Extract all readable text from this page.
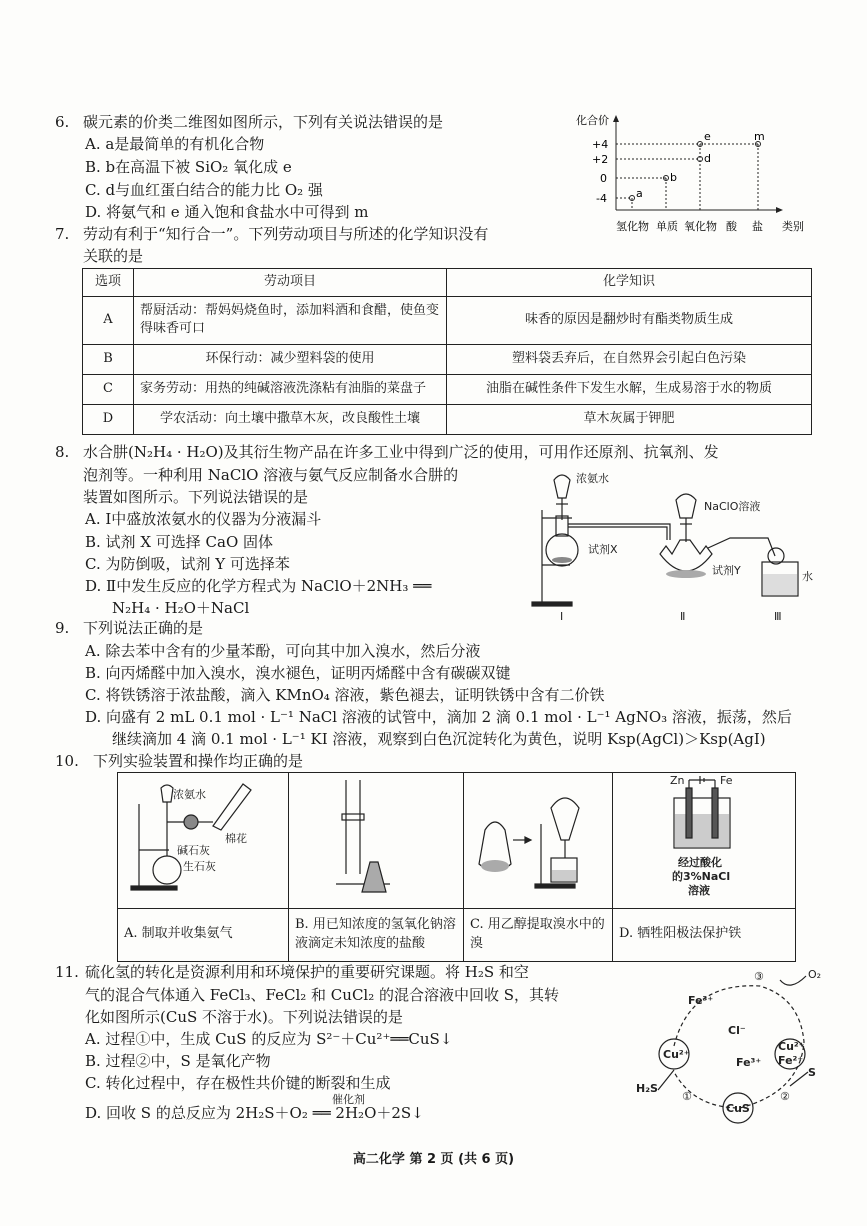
6. 碳元素的价类二维图如图所示，下列有关说法错误的是
A. a是最简单的有机化合物
B. b在高温下被 SiO₂ 氧化成 e
C. d与血红蛋白结合的能力比 O₂ 强
D. 将氨气和 e 通入饱和食盐水中可得到 m
化合价
+4
+2
0
-4	a
b
d
e	m
氢化物 单质 氧化物 酸 盐 类别
7. 劳动有利于“知行合一”。下列劳动项目与所述的化学知识没有
关联的是
选项	劳动项目	化学知识
A	帮厨活动：帮妈妈烧鱼时，添加料酒和食醋，使鱼变得味香可口	味香的原因是翻炒时有酯类物质生成
B	环保行动：减少塑料袋的使用	塑料袋丢弃后，在自然界会引起白色污染
C	家务劳动：用热的纯碱溶液洗涤粘有油脂的菜盘子	油脂在碱性条件下发生水解，生成易溶于水的物质
D	学农活动：向土壤中撒草木灰，改良酸性土壤	草木灰属于钾肥
8. 水合肼(N₂H₄ · H₂O)及其衍生物产品在许多工业中得到广泛的使用，可用作还原剂、抗氧剂、发
泡剂等。一种利用 NaClO 溶液与氨气反应制备水合肼的
装置如图所示。下列说法错误的是
A. Ⅰ中盛放浓氨水的仪器为分液漏斗
B. 试剂 X 可选择 CaO 固体
C. 为防倒吸，试剂 Y 可选择苯
D. Ⅱ中发生反应的化学方程式为 NaClO＋2NH₃ ══
N₂H₄ · H₂O＋NaCl
浓氨水
NaClO溶液
试剂X
试剂Y	水
Ⅰ	Ⅱ	Ⅲ
9. 下列说法正确的是
A. 除去苯中含有的少量苯酚，可向其中加入溴水，然后分液
B. 向丙烯醛中加入溴水，溴水褪色，证明丙烯醛中含有碳碳双键
C. 将铁锈溶于浓盐酸，滴入 KMnO₄ 溶液，紫色褪去，证明铁锈中含有二价铁
D. 向盛有 2 mL 0.1 mol · L⁻¹ NaCl 溶液的试管中，滴加 2 滴 0.1 mol · L⁻¹ AgNO₃ 溶液，振荡，然后
继续滴加 4 滴 0.1 mol · L⁻¹ KI 溶液，观察到白色沉淀转化为黄色，说明 Ksp(AgCl)＞Ksp(AgI)
10. 下列实验装置和操作均正确的是
浓氨水
棉花
碱石灰
生石灰			Zn Fe
经过酸化
的3%NaCl
溶液

A. 制取并收集氨气	B. 用已知浓度的氢氧化钠溶液滴定未知浓度的盐酸	C. 用乙醇提取溴水中的溴	D. 牺牲阳极法保护铁
11. 硫化氢的转化是资源利用和环境保护的重要研究课题。将 H₂S 和空
气的混合气体通入 FeCl₃、FeCl₂ 和 CuCl₂ 的混合溶液中回收 S，其转
化如图所示(CuS 不溶于水)。下列说法错误的是
A. 过程①中，生成 CuS 的反应为 S²⁻＋Cu²⁺══CuS↓
B. 过程②中，S 是氧化产物
C. 转化过程中，存在极性共价键的断裂和生成
D. 回收 S 的总反应为 2H₂S＋O₂ ══ 2H₂O＋2S↓
催化剂
Cu²⁺
CuS
Cu²⁺
Fe²⁺
③	O₂
Fe³⁺
Cl⁻
Fe³⁺
H₂S
①	②
S
高二化学 第 2 页 (共 6 页)
